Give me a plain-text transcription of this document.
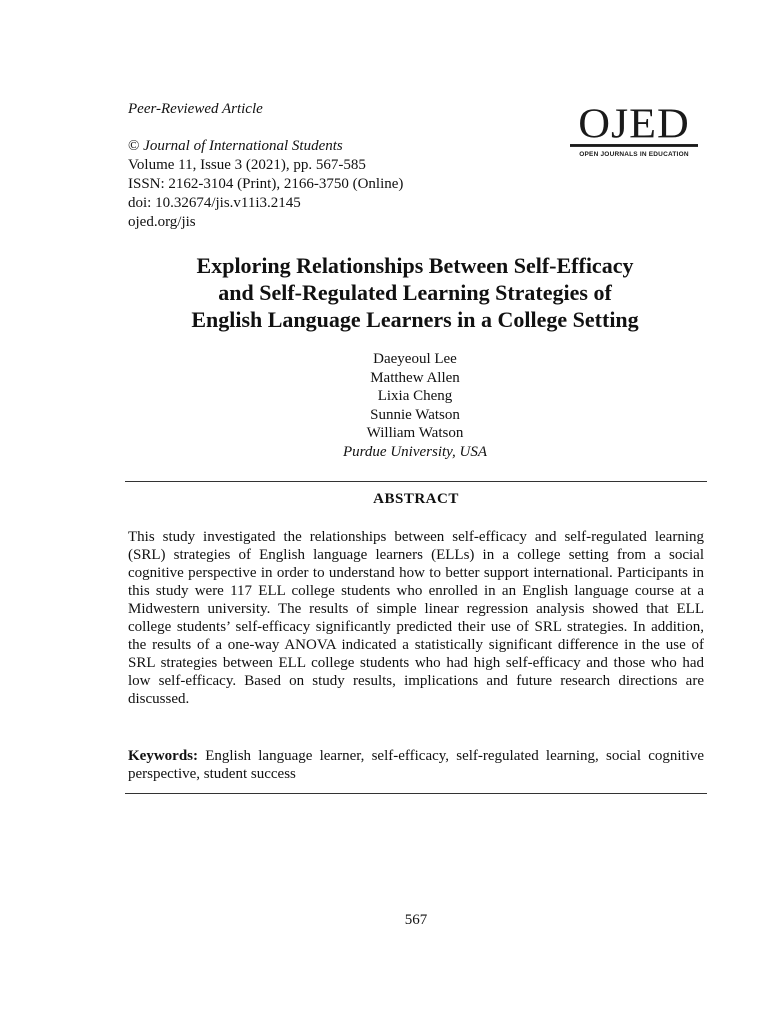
Peer-Reviewed Article
© Journal of International Students
Volume 11, Issue 3 (2021), pp. 567-585
ISSN: 2162-3104 (Print), 2166-3750 (Online)
doi: 10.32674/jis.v11i3.2145
ojed.org/jis
OJED
OPEN JOURNALS IN EDUCATION
Exploring Relationships Between Self-Efficacy
and Self-Regulated Learning Strategies of
English Language Learners in a College Setting
Daeyeoul Lee
Matthew Allen
Lixia Cheng
Sunnie Watson
William Watson
Purdue University, USA
ABSTRACT
This study investigated the relationships between self-efficacy and self-regulated learning (SRL) strategies of English language learners (ELLs) in a college setting from a social cognitive perspective in order to understand how to better support international. Participants in this study were 117 ELL college students who enrolled in an English language course at a Midwestern university. The results of simple linear regression analysis showed that ELL college students’ self-efficacy significantly predicted their use of SRL strategies. In addition, the results of a one-way ANOVA indicated a statistically significant difference in the use of SRL strategies between ELL college students who had high self-efficacy and those who had low self-efficacy. Based on study results, implications and future research directions are discussed.
Keywords: English language learner, self-efficacy, self-regulated learning, social cognitive perspective, student success
567
